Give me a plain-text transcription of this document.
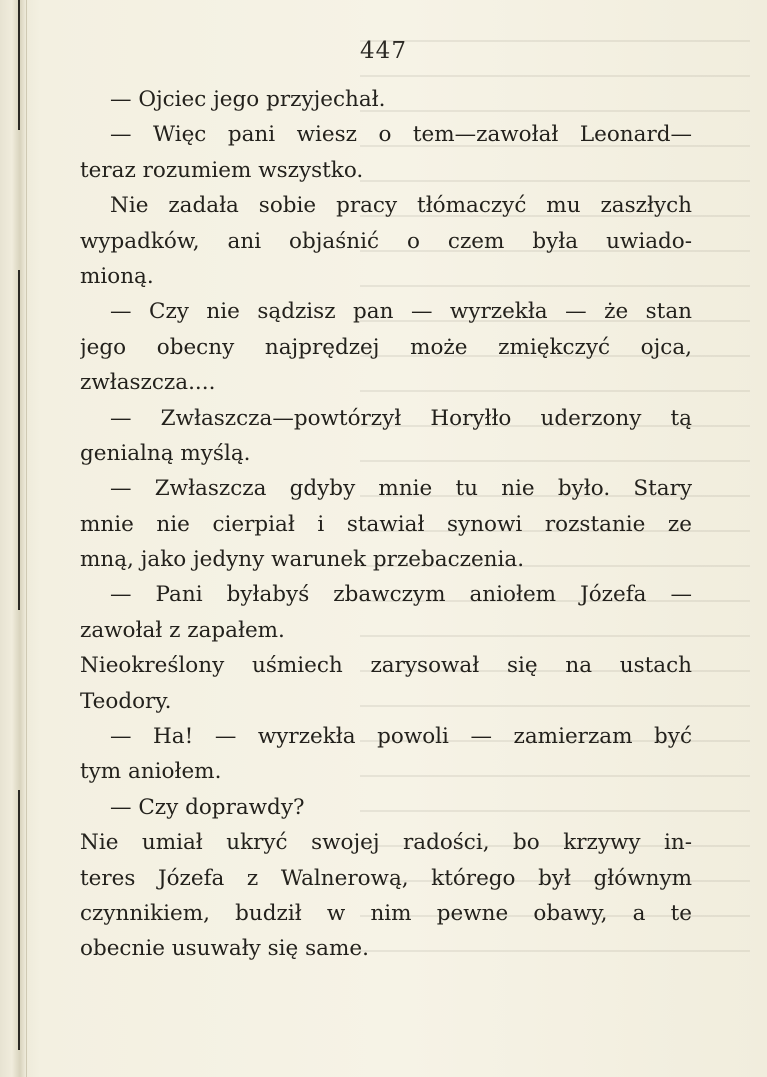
447
— Ojciec jego przyjechał.
— Więc pani wiesz o tem—zawołał Leonard—
teraz rozumiem wszystko.
Nie zadała sobie pracy tłómaczyć mu zaszłych
wypadków, ani objaśnić o czem była uwiado-
mioną.
— Czy nie sądzisz pan — wyrzekła — że stan
jego obecny najprędzej może zmiękczyć ojca,
zwłaszcza....
— Zwłaszcza—powtórzył Horyłło uderzony tą
genialną myślą.
— Zwłaszcza gdyby mnie tu nie było. Stary
mnie nie cierpiał i stawiał synowi rozstanie ze
mną, jako jedyny warunek przebaczenia.
— Pani byłabyś zbawczym aniołem Józefa —
zawołał z zapałem.
Nieokreślony uśmiech zarysował się na ustach
Teodory.
— Ha! — wyrzekła powoli — zamierzam być
tym aniołem.
— Czy doprawdy?
Nie umiał ukryć swojej radości, bo krzywy in-
teres Józefa z Walnerową, którego był głównym
czynnikiem, budził w nim pewne obawy, a te
obecnie usuwały się same.
